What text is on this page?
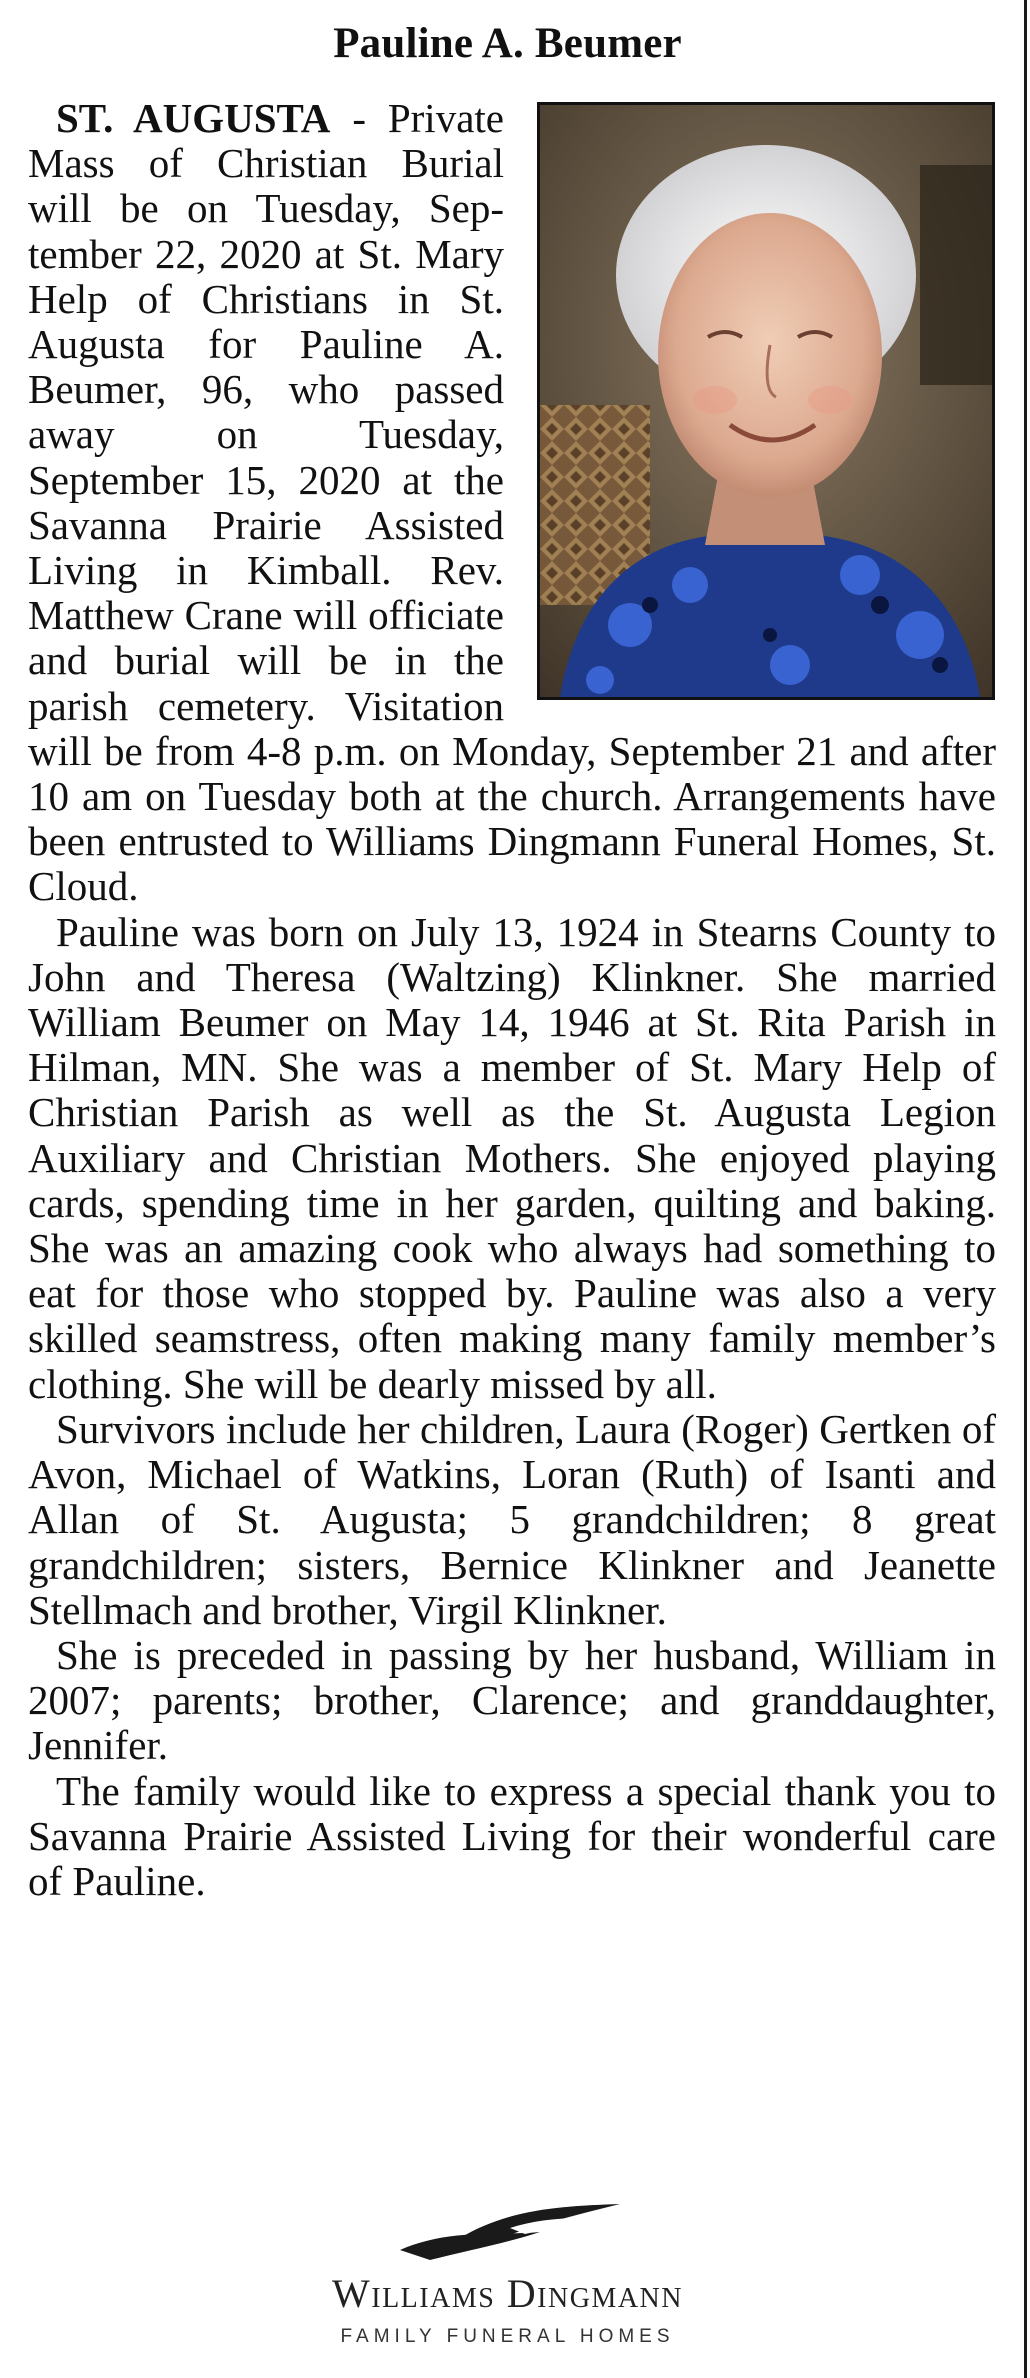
Pauline A. Beumer

ST. AUGUSTA - Private Mass of Christian Burial will be on Tuesday, September 22, 2020 at St. Mary Help of Christians in St. Augusta for Pauline A. Beumer, 96, who passed away on Tuesday, September 15, 2020 at the Savanna Prairie Assisted Living in Kimball. Rev. Matthew Crane will officiate and burial will be in the parish cemetery. Visitation will be from 4-8 p.m. on Monday, September 21 and after 10 am on Tuesday both at the church. Arrangements have been entrusted to Williams Dingmann Funeral Homes, St. Cloud.

Pauline was born on July 13, 1924 in Stearns County to John and Theresa (Waltzing) Klinkner. She married William Beumer on May 14, 1946 at St. Rita Parish in Hilman, MN. She was a member of St. Mary Help of Christian Parish as well as the St. Augusta Legion Auxiliary and Christian Mothers. She enjoyed playing cards, spending time in her garden, quilting and baking. She was an amazing cook who always had something to eat for those who stopped by. Pauline was also a very skilled seamstress, often making many family member’s clothing. She will be dearly missed by all.

Survivors include her children, Laura (Roger) Gertken of Avon, Michael of Watkins, Loran (Ruth) of Isanti and Allan of St. Augusta; 5 grandchildren; 8 great grandchildren; sisters, Bernice Klinkner and Jeanette Stellmach and brother, Virgil Klinkner.

She is preceded in passing by her husband, William in 2007; parents; brother, Clarence; and granddaughter, Jennifer.

The family would like to express a special thank you to Savanna Prairie Assisted Living for their wonderful care of Pauline.

Williams Dingmann
FAMILY FUNERAL HOMES
